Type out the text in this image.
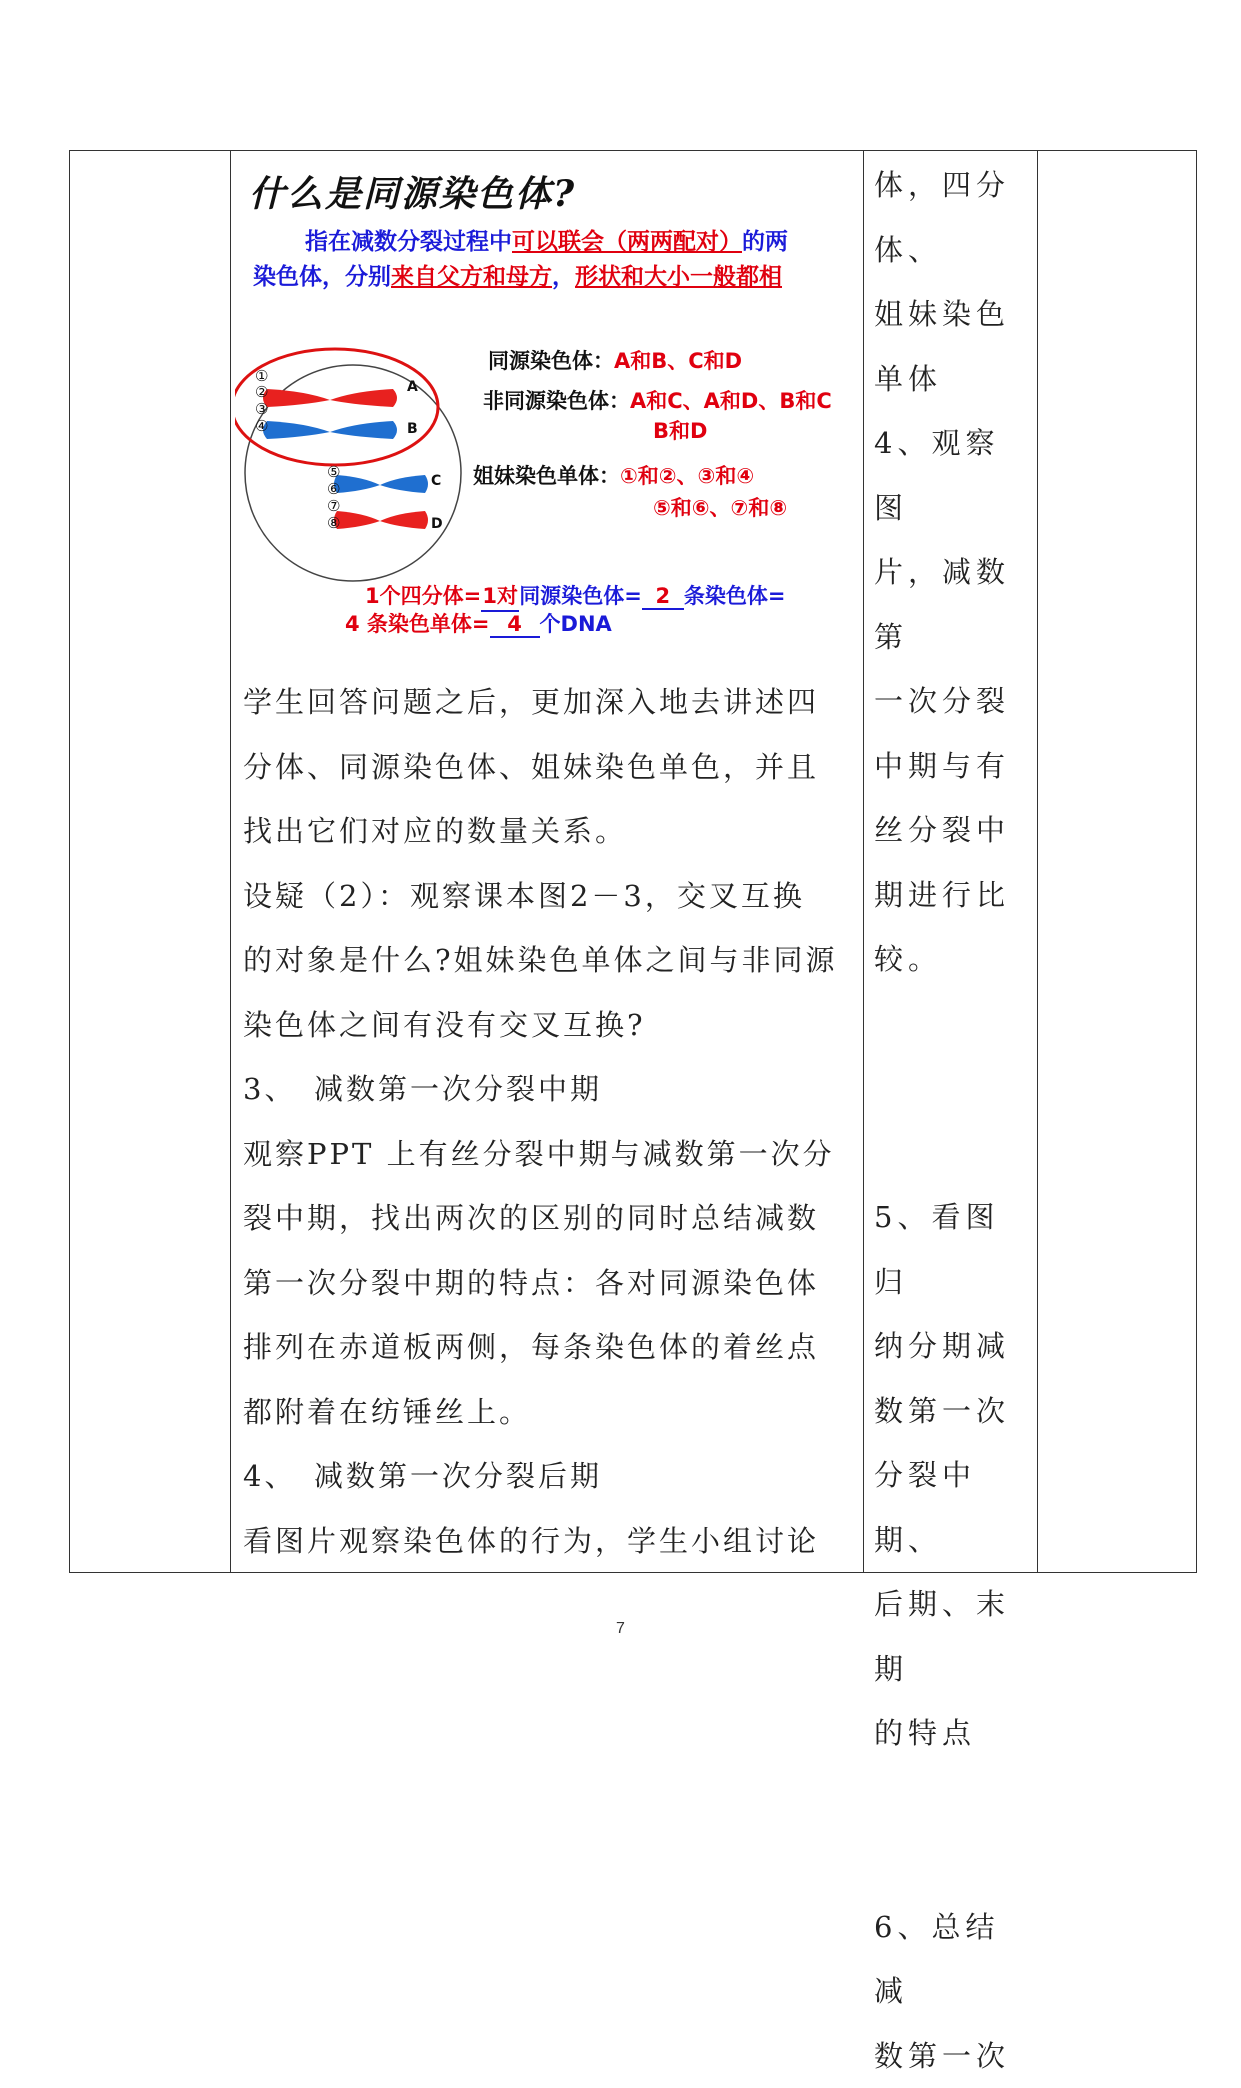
什么是同源染色体?
指在减数分裂过程中可以联会（两两配对）的两
染色体，分别来自父方和母方，形状和大小一般都相
A
B
C
D
①
②
③
④
⑤
⑥
⑦
⑧
同源染色体：A和B、C和D
非同源染色体：A和C、A和D、B和C
B和D
姐妹染色单体：①和②、③和④
⑤和⑥、⑦和⑧
1个四分体=1对同源染色体= 2 条染色体=
4 条染色单体= 4 个DNA

学生回答问题之后，更加深入地去讲述四

分体、同源染色体、姐妹染色单色，并且

找出它们对应的数量关系。

设疑（2）：观察课本图2－3，交叉互换

的对象是什么?姐妹染色单体之间与非同源

染色体之间有没有交叉互换?

3、　减数第一次分裂中期

观察PPT 上有丝分裂中期与减数第一次分

裂中期，找出两次的区别的同时总结减数

第一次分裂中期的特点：各对同源染色体

排列在赤道板两侧，每条染色体的着丝点

都附着在纺锤丝上。

4、　减数第一次分裂后期

看图片观察染色体的行为，学生小组讨论

体，四分体、

姐妹染色

单体

4、观察图

片，减数第

一次分裂

中期与有

丝分裂中

期进行比

较。

5、看图归

纳分期减

数第一次

分裂中期、

后期、末期

的特点

6、总结减

数第一次

7
